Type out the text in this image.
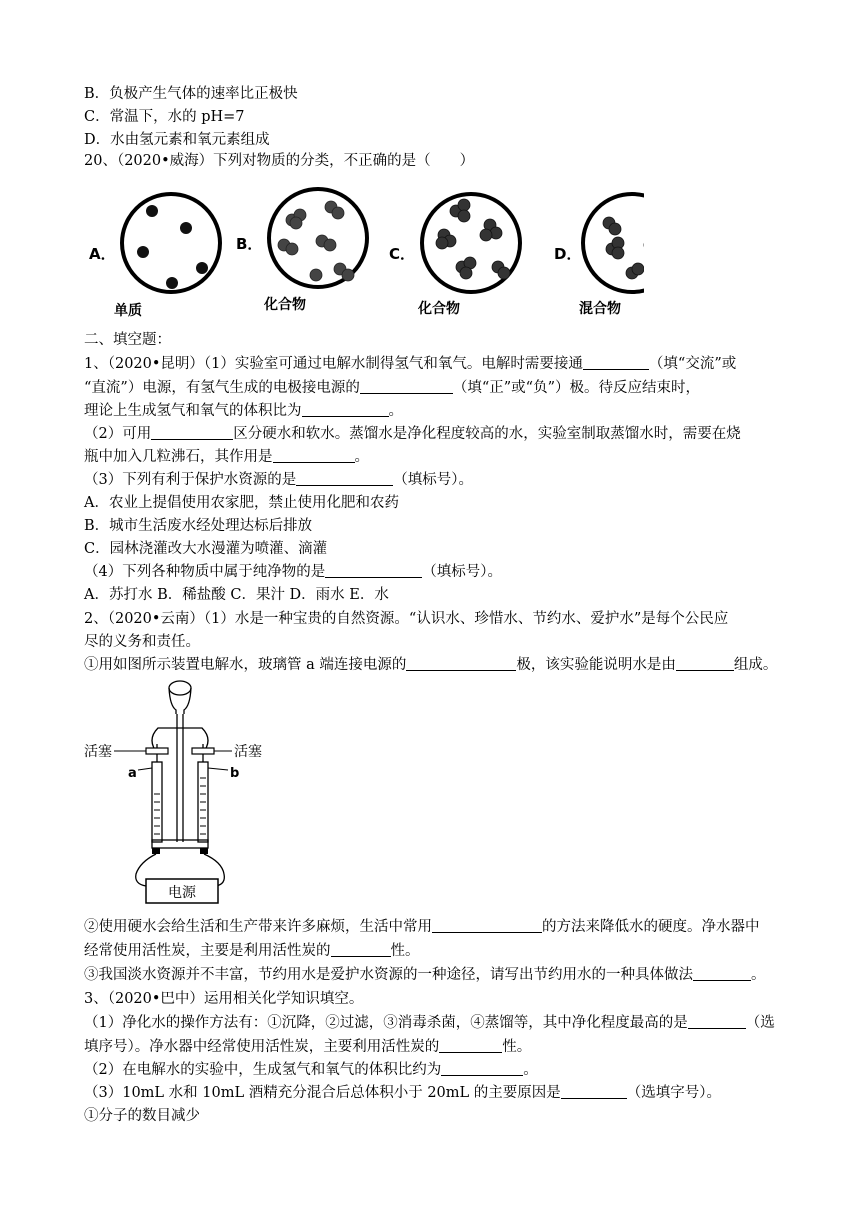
B．负极产生气体的速率比正极快
C．常温下，水的 pH=7
D．水由氢元素和氧元素组成
20、（2020•威海）下列对物质的分类，不正确的是（　　）
A．
单质
B．
化合物
C．
化合物
D．
混合物
二、填空题：
1、（2020•昆明）（1）实验室可通过电解水制得氢气和氧气。电解时需要接通	（填“交流”或
“直流”）电源，有氢气生成的电极接电源的	（填“正”或“负”）极。待反应结束时，
理论上生成氢气和氧气的体积比为	。
（2）可用	区分硬水和软水。蒸馏水是净化程度较高的水，实验室制取蒸馏水时，需要在烧
瓶中加入几粒沸石，其作用是	。
（3）下列有利于保护水资源的是	（填标号）。
A．农业上提倡使用农家肥，禁止使用化肥和农药
B．城市生活废水经处理达标后排放
C．园林浇灌改大水漫灌为喷灌、滴灌
（4）下列各种物质中属于纯净物的是	（填标号）。
A．苏打水 B．稀盐酸 C．果汁 D．雨水 E．水
2、（2020•云南）（1）水是一种宝贵的自然资源。“认识水、珍惜水、节约水、爱护水”是每个公民应
尽的义务和责任。
①用如图所示装置电解水，玻璃管 a 端连接电源的	极，该实验能说明水是由	组成。
电源
活塞	活塞
a	b
②使用硬水会给生活和生产带来许多麻烦，生活中常用	的方法来降低水的硬度。净水器中
经常使用活性炭，主要是利用活性炭的	性。
③我国淡水资源并不丰富，节约用水是爱护水资源的一种途径，请写出节约用水的一种具体做法	。
3、（2020•巴中）运用相关化学知识填空。
（1）净化水的操作方法有：①沉降，②过滤，③消毒杀菌，④蒸馏等，其中净化程度最高的是	（选
填序号）。净水器中经常使用活性炭，主要利用活性炭的	性。
（2）在电解水的实验中，生成氢气和氧气的体积比约为	。
（3）10mL 水和 10mL 酒精充分混合后总体积小于 20mL 的主要原因是	（选填字号）。
①分子的数目减少
